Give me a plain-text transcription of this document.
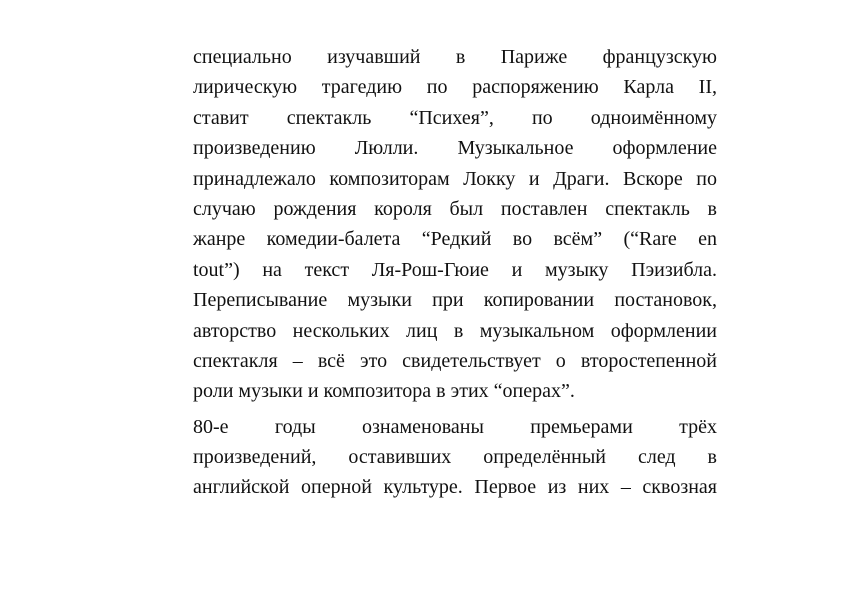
специально изучавший в Париже французскую
лирическую трагедию по распоряжению Карла II,
ставит спектакль “Психея”, по одноимённому
произведению Люлли. Музыкальное оформление
принадлежало композиторам Локку и Драги. Вскоре по
случаю рождения короля был поставлен спектакль в
жанре комедии-балета “Редкий во всём” (“Rare en
tout”) на текст Ля-Рош-Гюие и музыку Пэизибла.
Переписывание музыки при копировании постановок,
авторство нескольких лиц в музыкальном оформлении
спектакля – всё это свидетельствует о второстепенной
роли музыки и композитора в этих “операх”.
80-е годы ознаменованы премьерами трёх
произведений, оставивших определённый след в
английской оперной культуре. Первое из них – сквозная
